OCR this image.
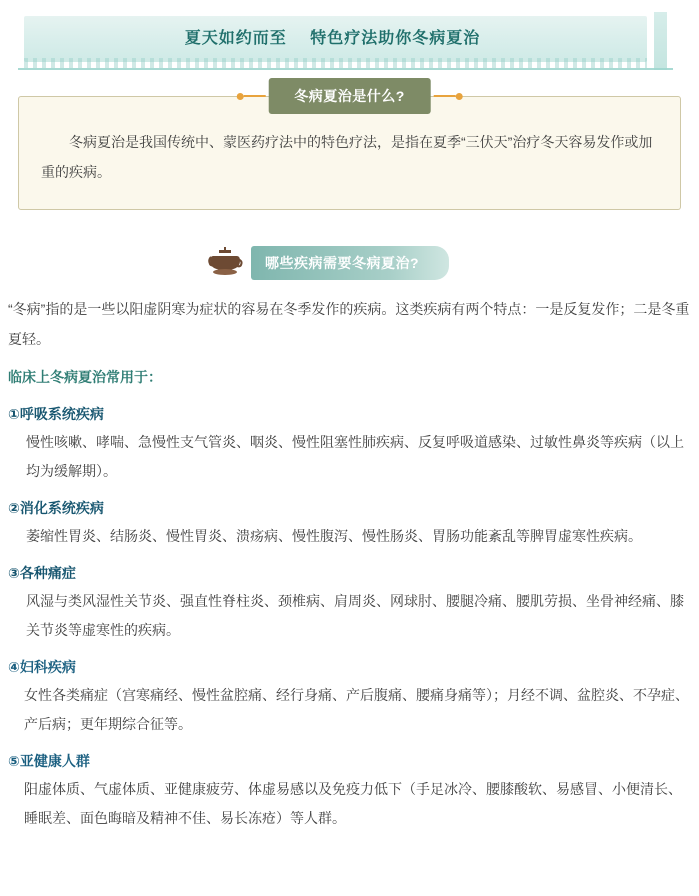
夏天如约而至 特色疗法助你冬病夏治
冬病夏治是什么?

冬病夏治是我国传统中、蒙医药疗法中的特色疗法，是指在夏季“三伏天”治疗冬天容易发作或加重的疾病。

哪些疾病需要冬病夏治?

“冬病”指的是一些以阳虚阴寒为症状的容易在冬季发作的疾病。这类疾病有两个特点：一是反复发作；二是冬重夏轻。

临床上冬病夏治常用于：

①呼吸系统疾病

慢性咳嗽、哮喘、急慢性支气管炎、咽炎、慢性阻塞性肺疾病、反复呼吸道感染、过敏性鼻炎等疾病（以上均为缓解期）。

②消化系统疾病

萎缩性胃炎、结肠炎、慢性胃炎、溃疡病、慢性腹泻、慢性肠炎、胃肠功能紊乱等脾胃虚寒性疾病。

③各种痛症

风湿与类风湿性关节炎、强直性脊柱炎、颈椎病、肩周炎、网球肘、腰腿冷痛、腰肌劳损、坐骨神经痛、膝关节炎等虚寒性的疾病。

④妇科疾病

女性各类痛症（宫寒痛经、慢性盆腔痛、经行身痛、产后腹痛、腰痛身痛等）；月经不调、盆腔炎、不孕症、产后病；更年期综合征等。

⑤亚健康人群

阳虚体质、气虚体质、亚健康疲劳、体虚易感以及免疫力低下（手足冰冷、腰膝酸软、易感冒、小便清长、睡眠差、面色晦暗及精神不佳、易长冻疮）等人群。
